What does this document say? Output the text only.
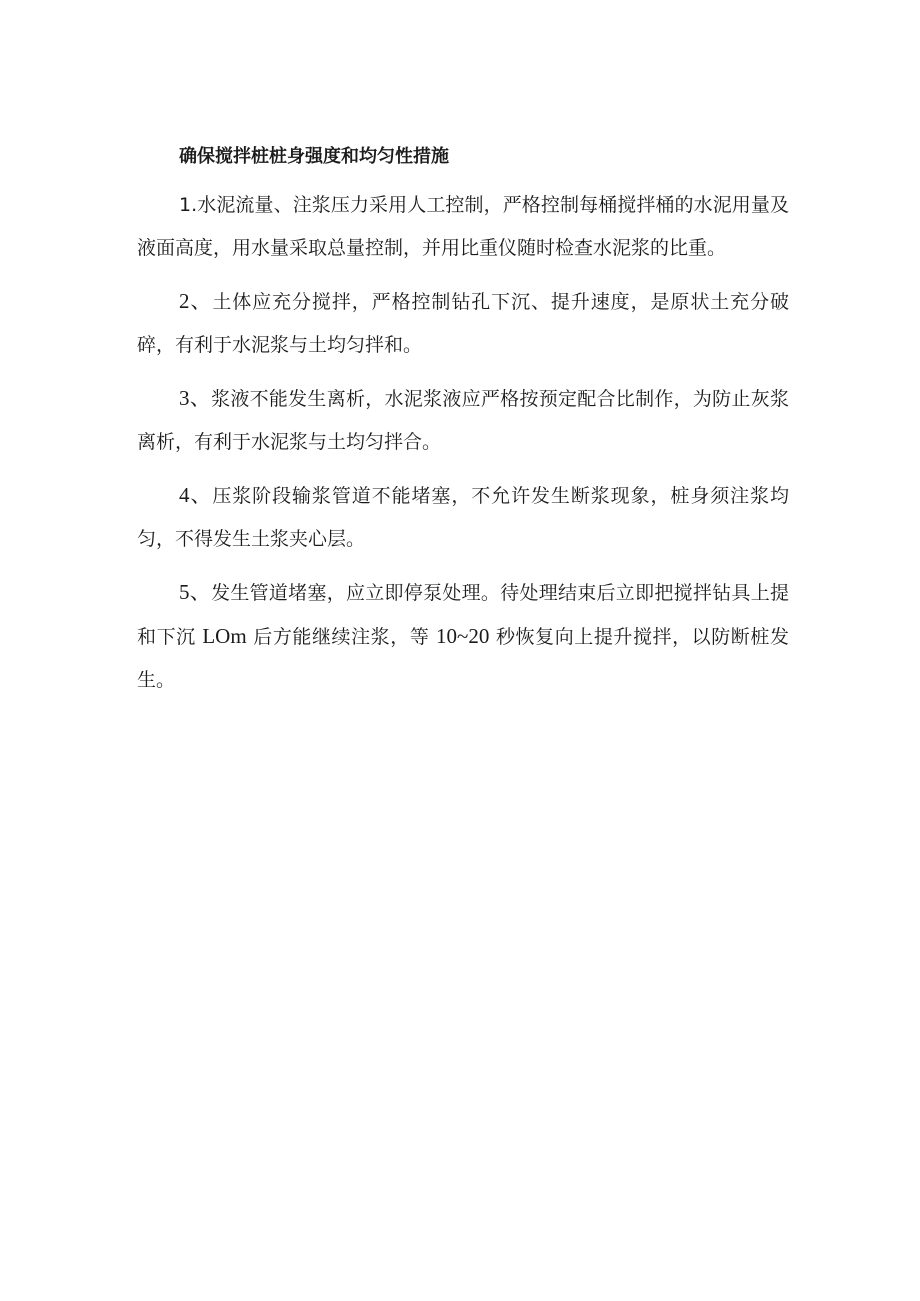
确保搅拌桩桩身强度和均匀性措施

1.水泥流量、注浆压力采用人工控制，严格控制每桶搅拌桶的水泥用量及液面高度，用水量采取总量控制，并用比重仪随时检查水泥浆的比重。

2、土体应充分搅拌，严格控制钻孔下沉、提升速度，是原状土充分破碎，有利于水泥浆与土均匀拌和。

3、浆液不能发生离析，水泥浆液应严格按预定配合比制作，为防止灰浆离析，有利于水泥浆与土均匀拌合。

4、压浆阶段输浆管道不能堵塞，不允许发生断浆现象，桩身须注浆均匀，不得发生土浆夹心层。

5、发生管道堵塞，应立即停泵处理。待处理结束后立即把搅拌钻具上提和下沉 LOm 后方能继续注浆，等 10~20 秒恢复向上提升搅拌，以防断桩发生。
